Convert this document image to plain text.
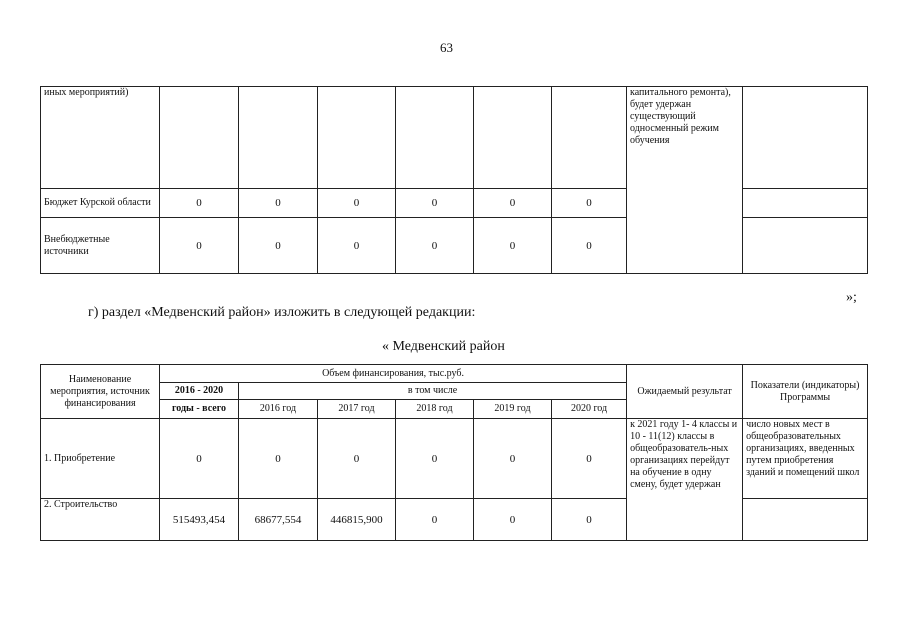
63
иных мероприятий)							капитального ремонта), будет удержан существующий односменный режим обучения	
Бюджет Курской области	0	0	0	0	0	0		
Внебюджетные источники	0	0	0	0	0	0		
»;
г) раздел «Медвенский район» изложить в следующей редакции:
« Медвенский район
Наименование мероприятия, источник финансирования	Объем финансирования, тыс.руб.						Ожидаемый результат	Показатели (индикаторы) Программы
	2016 - 2020	в том числе						
	годы - всего	2016 год	2017 год	2018 год	2019 год	2020 год		
1. Приобретение	0	0	0	0	0	0	к 2021 году 1- 4 классы и 10 - 11(12) классы в общеобразователь-ных организациях перейдут на обучение в одну смену, будет удержан	число новых мест в общеобразовательных организациях, введенных путем приобретения зданий и помещений школ
2. Строительство	515493,454	68677,554	446815,900	0	0	0		
